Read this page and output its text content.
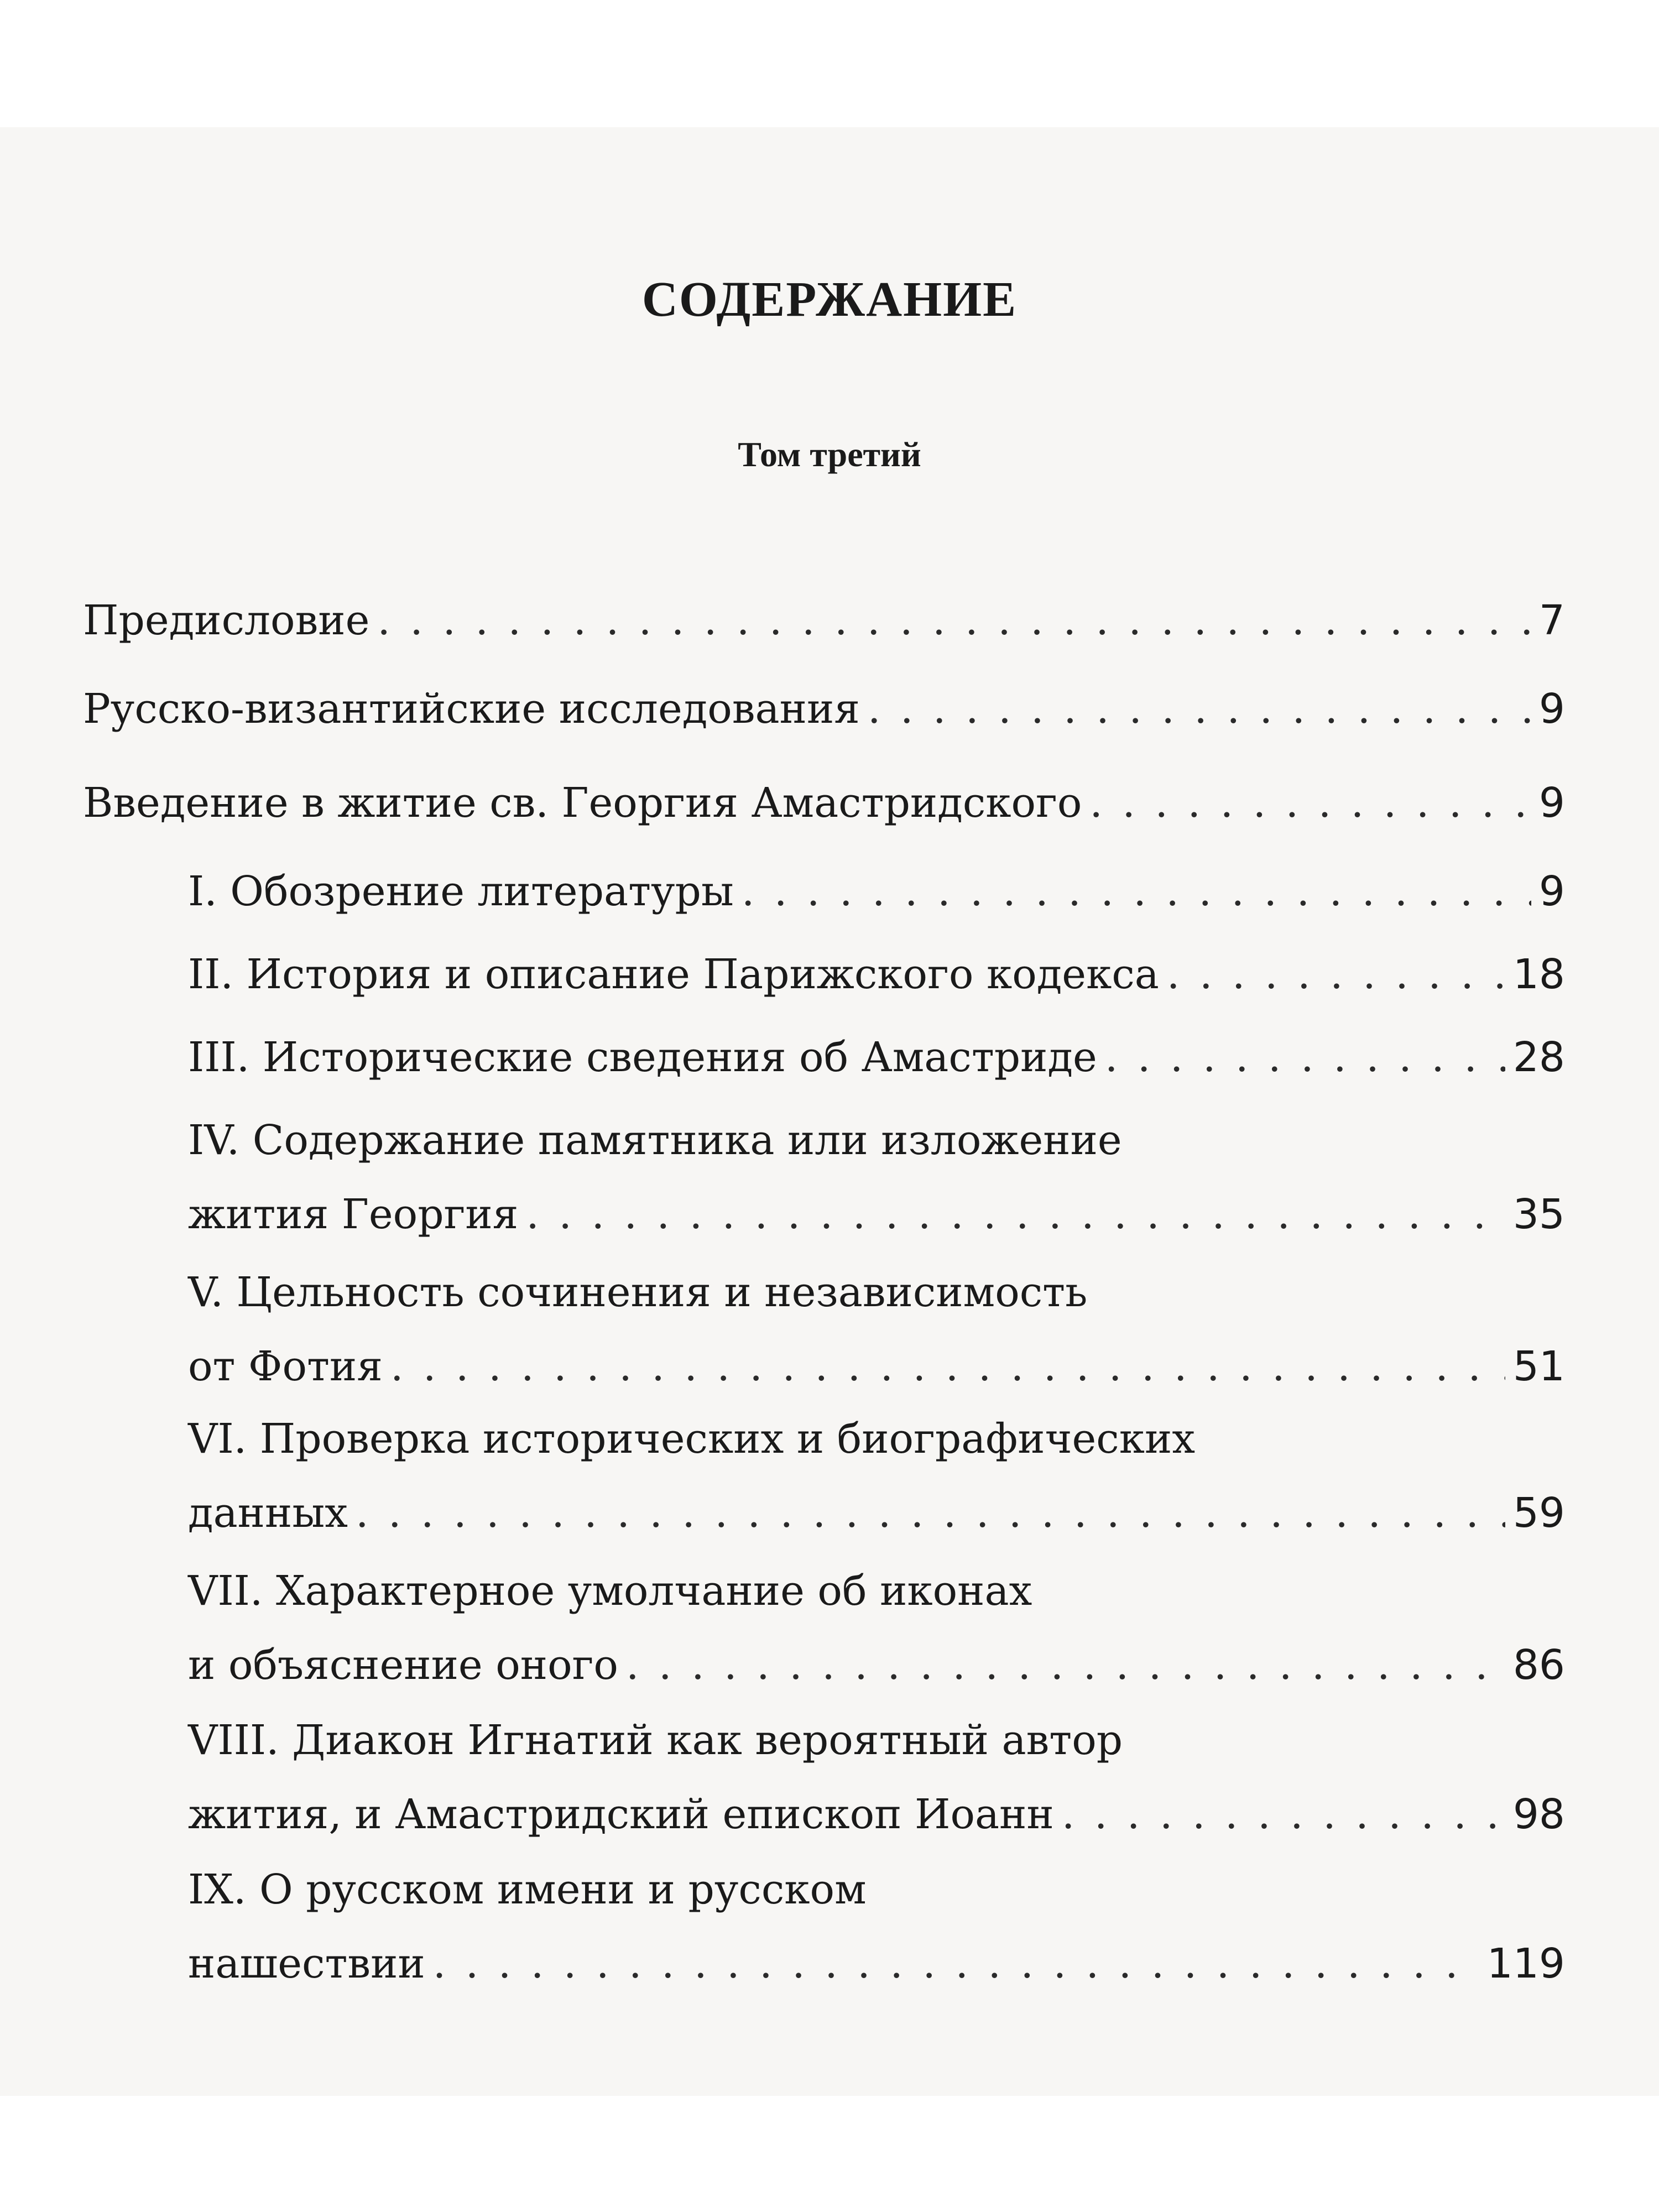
СОДЕРЖАНИЕ
Том третий
Предисловие . . .	7
Русско-византийские исследования . . .	9
Введение в житие св. Георгия Амастридского . . .	9
I. Обозрение литературы . . .	9
II. История и описание Парижского кодекса . . .	18
III. Исторические сведения об Амастриде . . .	28
IV. Содержание памятника или изложение
жития Георгия . . .	35
V. Цельность сочинения и независимость
от Фотия . . .	51
VI. Проверка исторических и биографических
данных . . .	59
VII. Характерное умолчание об иконах
и объяснение оного . . .	86
VIII. Диакон Игнатий как вероятный автор
жития, и Амастридский епископ Иоанн . . .	98
IX. О русском имени и русском
нашествии . . .	119
